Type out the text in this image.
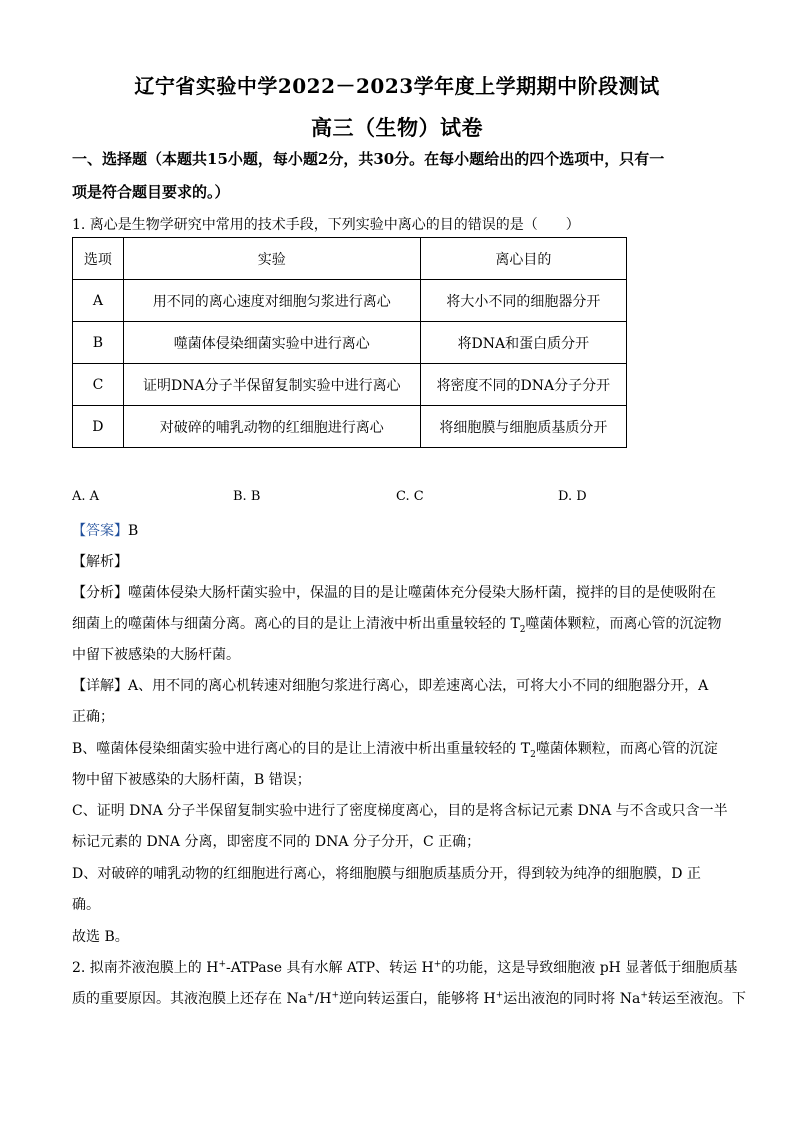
辽宁省实验中学2022－2023学年度上学期期中阶段测试
高三（生物）试卷
一、选择题（本题共15小题，每小题2分，共30分。在每小题给出的四个选项中，只有一
项是符合题目要求的。）
1. 离心是生物学研究中常用的技术手段，下列实验中离心的目的错误的是（　　）
选项	实验	离心目的
A	用不同的离心速度对细胞匀浆进行离心	将大小不同的细胞器分开
B	噬菌体侵染细菌实验中进行离心	将DNA和蛋白质分开
C	证明DNA分子半保留复制实验中进行离心	将密度不同的DNA分子分开
D	对破碎的哺乳动物的红细胞进行离心	将细胞膜与细胞质基质分开
A. A	B. B	C. C	D. D
【答案】B
【解析】
【分析】噬菌体侵染大肠杆菌实验中，保温的目的是让噬菌体充分侵染大肠杆菌，搅拌的目的是使吸附在
细菌上的噬菌体与细菌分离。离心的目的是让上清液中析出重量较轻的 $T_2$噬菌体颗粒，而离心管的沉淀物
中留下被感染的大肠杆菌。
【详解】A、用不同的离心机转速对细胞匀浆进行离心，即差速离心法，可将大小不同的细胞器分开，A
正确；
B、噬菌体侵染细菌实验中进行离心的目的是让上清液中析出重量较轻的 $T_2$噬菌体颗粒，而离心管的沉淀
物中留下被感染的大肠杆菌，B 错误；
C、证明 DNA 分子半保留复制实验中进行了密度梯度离心，目的是将含标记元素 DNA 与不含或只含一半
标记元素的 DNA 分离，即密度不同的 DNA 分子分开，C 正确；
D、对破碎的哺乳动物的红细胞进行离心，将细胞膜与细胞质基质分开，得到较为纯净的细胞膜，D 正
确。
故选 B。
2. 拟南芥液泡膜上的 H+-ATPase 具有水解 ATP、转运 H+的功能，这是导致细胞液 pH 显著低于细胞质基
质的重要原因。其液泡膜上还存在 Na+/H+逆向转运蛋白，能够将 H+运出液泡的同时将 Na+转运至液泡。下
